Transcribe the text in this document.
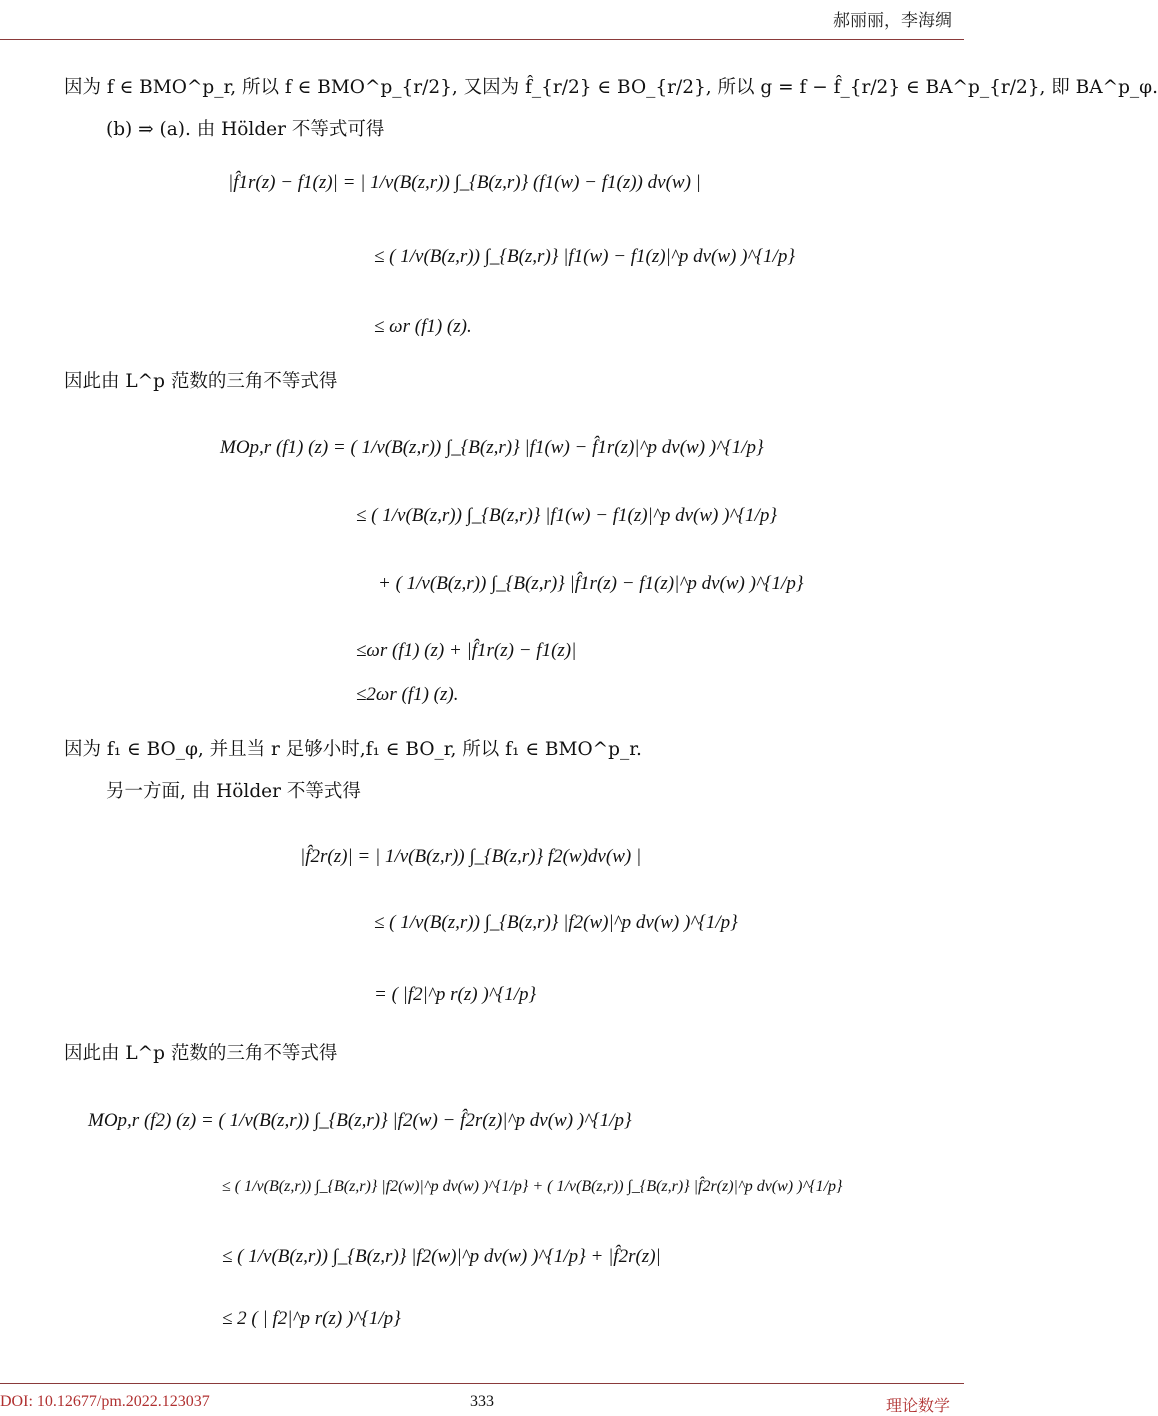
郝丽丽，李海绸
因为 f ∈ BMO^p_r, 所以 f ∈ BMO^p_{r/2}, 又因为 f̂_{r/2} ∈ BO_{r/2}, 所以 g = f − f̂_{r/2} ∈ BA^p_{r/2}, 即 BA^p_φ.
(b) ⇒ (a). 由 Hölder 不等式可得
|f̂1r(z) − f1(z)| = | 1/v(B(z,r)) ∫_{B(z,r)} (f1(w) − f1(z)) dv(w) |
≤ ( 1/v(B(z,r)) ∫_{B(z,r)} |f1(w) − f1(z)|^p dv(w) )^{1/p}
≤ ωr (f1) (z).
因此由 L^p 范数的三角不等式得
MOp,r (f1) (z) = ( 1/v(B(z,r)) ∫_{B(z,r)} |f1(w) − f̂1r(z)|^p dv(w) )^{1/p}
≤ ( 1/v(B(z,r)) ∫_{B(z,r)} |f1(w) − f1(z)|^p dv(w) )^{1/p}
+ ( 1/v(B(z,r)) ∫_{B(z,r)} |f̂1r(z) − f1(z)|^p dv(w) )^{1/p}
≤ωr (f1) (z) + |f̂1r(z) − f1(z)|
≤2ωr (f1) (z).
因为 f₁ ∈ BO_φ, 并且当 r 足够小时,f₁ ∈ BO_r, 所以 f₁ ∈ BMO^p_r.
另一方面, 由 Hölder 不等式得
|f̂2r(z)| = | 1/v(B(z,r)) ∫_{B(z,r)} f2(w)dv(w) |
≤ ( 1/v(B(z,r)) ∫_{B(z,r)} |f2(w)|^p dv(w) )^{1/p}
= ( |f2|^p r(z) )^{1/p}
因此由 L^p 范数的三角不等式得
MOp,r (f2) (z) = ( 1/v(B(z,r)) ∫_{B(z,r)} |f2(w) − f̂2r(z)|^p dv(w) )^{1/p}
≤ ( 1/v(B(z,r)) ∫_{B(z,r)} |f2(w)|^p dv(w) )^{1/p} + ( 1/v(B(z,r)) ∫_{B(z,r)} |f̂2r(z)|^p dv(w) )^{1/p}
≤ ( 1/v(B(z,r)) ∫_{B(z,r)} |f2(w)|^p dv(w) )^{1/p} + |f̂2r(z)|
≤ 2 ( | f2|^p r(z) )^{1/p}
DOI: 10.12677/pm.2022.123037	333	理论数学
